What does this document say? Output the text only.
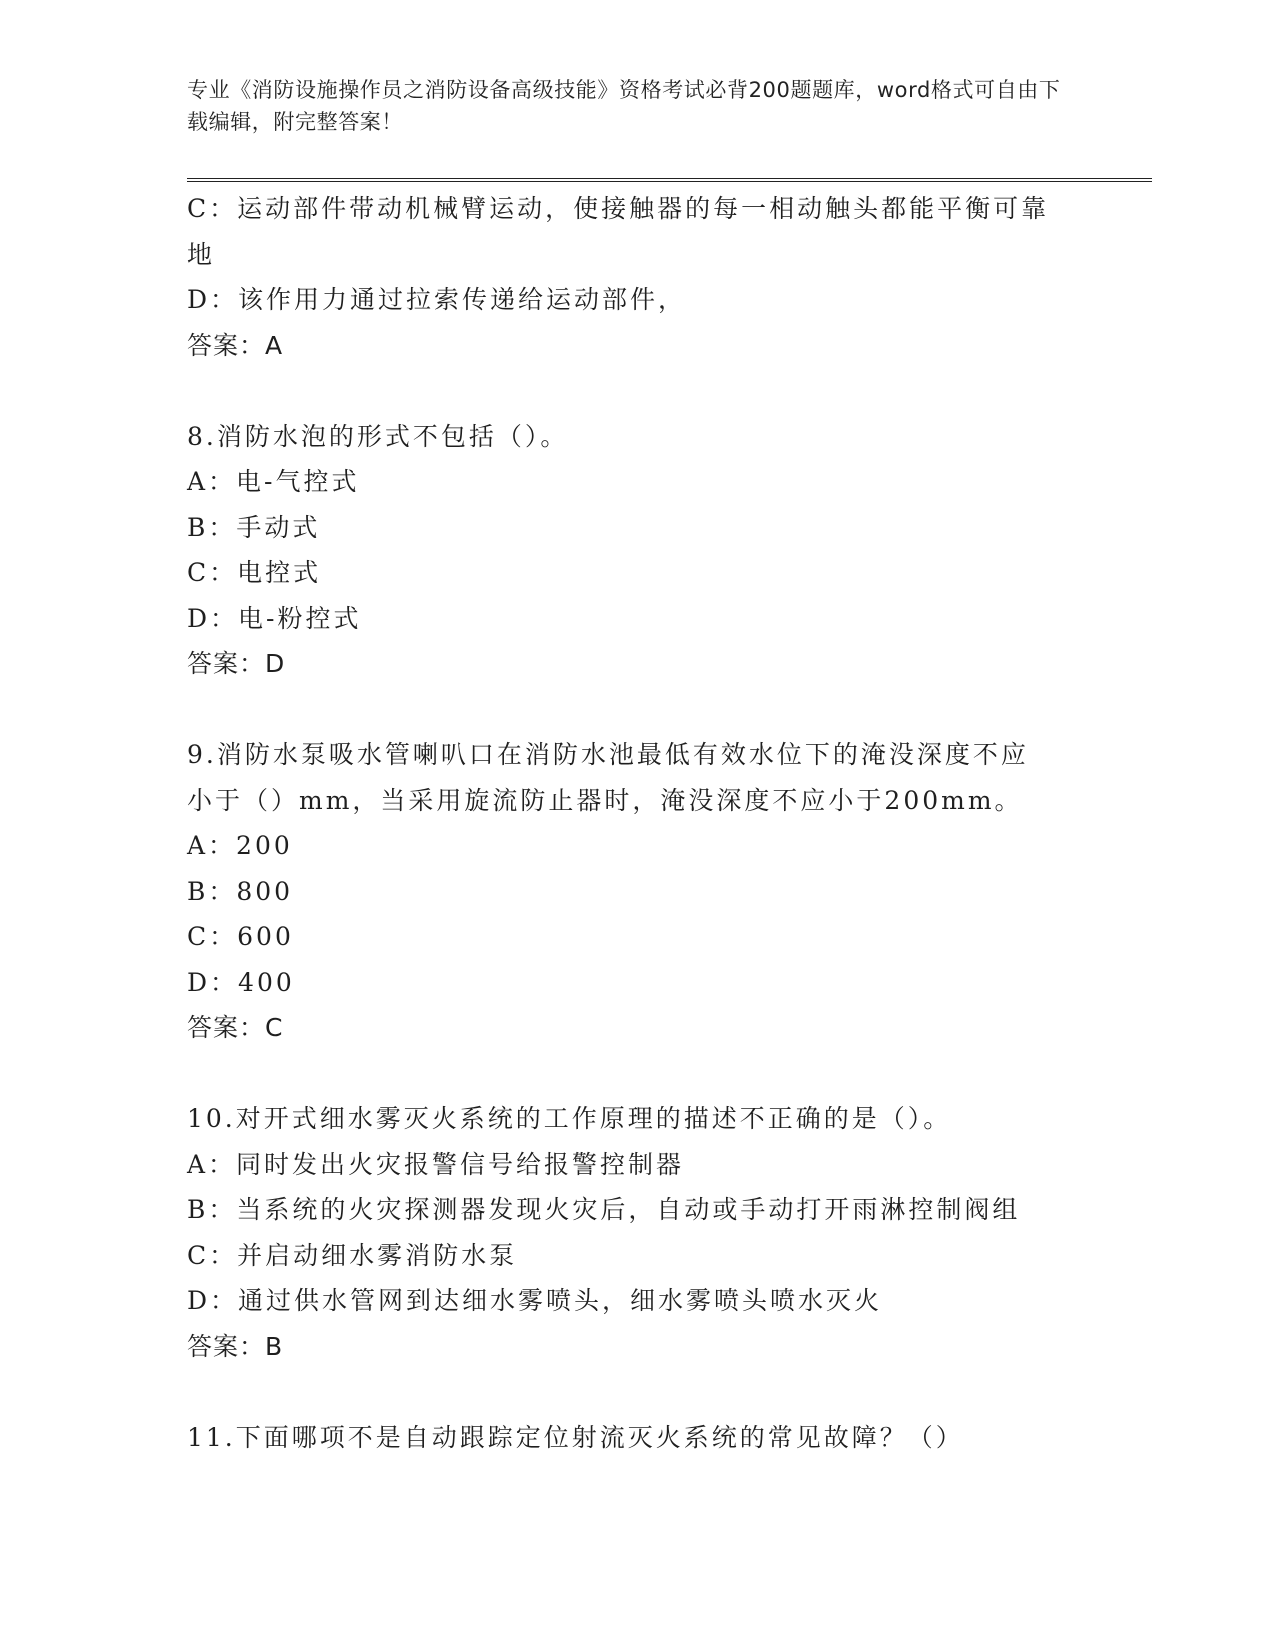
专业《消防设施操作员之消防设备高级技能》资格考试必背200题题库，word格式可自由下载编辑，附完整答案！
C：运动部件带动机械臂运动，使接触器的每一相动触头都能平衡可靠
地
D：该作用力通过拉索传递给运动部件，
答案：A
8.消防水泡的形式不包括（）。
A：电-气控式
B：手动式
C：电控式
D：电-粉控式
答案：D
9.消防水泵吸水管喇叭口在消防水池最低有效水位下的淹没深度不应
小于（）mm，当采用旋流防止器时，淹没深度不应小于200mm。
A：200
B：800
C：600
D：400
答案：C
10.对开式细水雾灭火系统的工作原理的描述不正确的是（）。
A：同时发出火灾报警信号给报警控制器
B：当系统的火灾探测器发现火灾后，自动或手动打开雨淋控制阀组
C：并启动细水雾消防水泵
D：通过供水管网到达细水雾喷头，细水雾喷头喷水灭火
答案：B
11.下面哪项不是自动跟踪定位射流灭火系统的常见故障？（）
